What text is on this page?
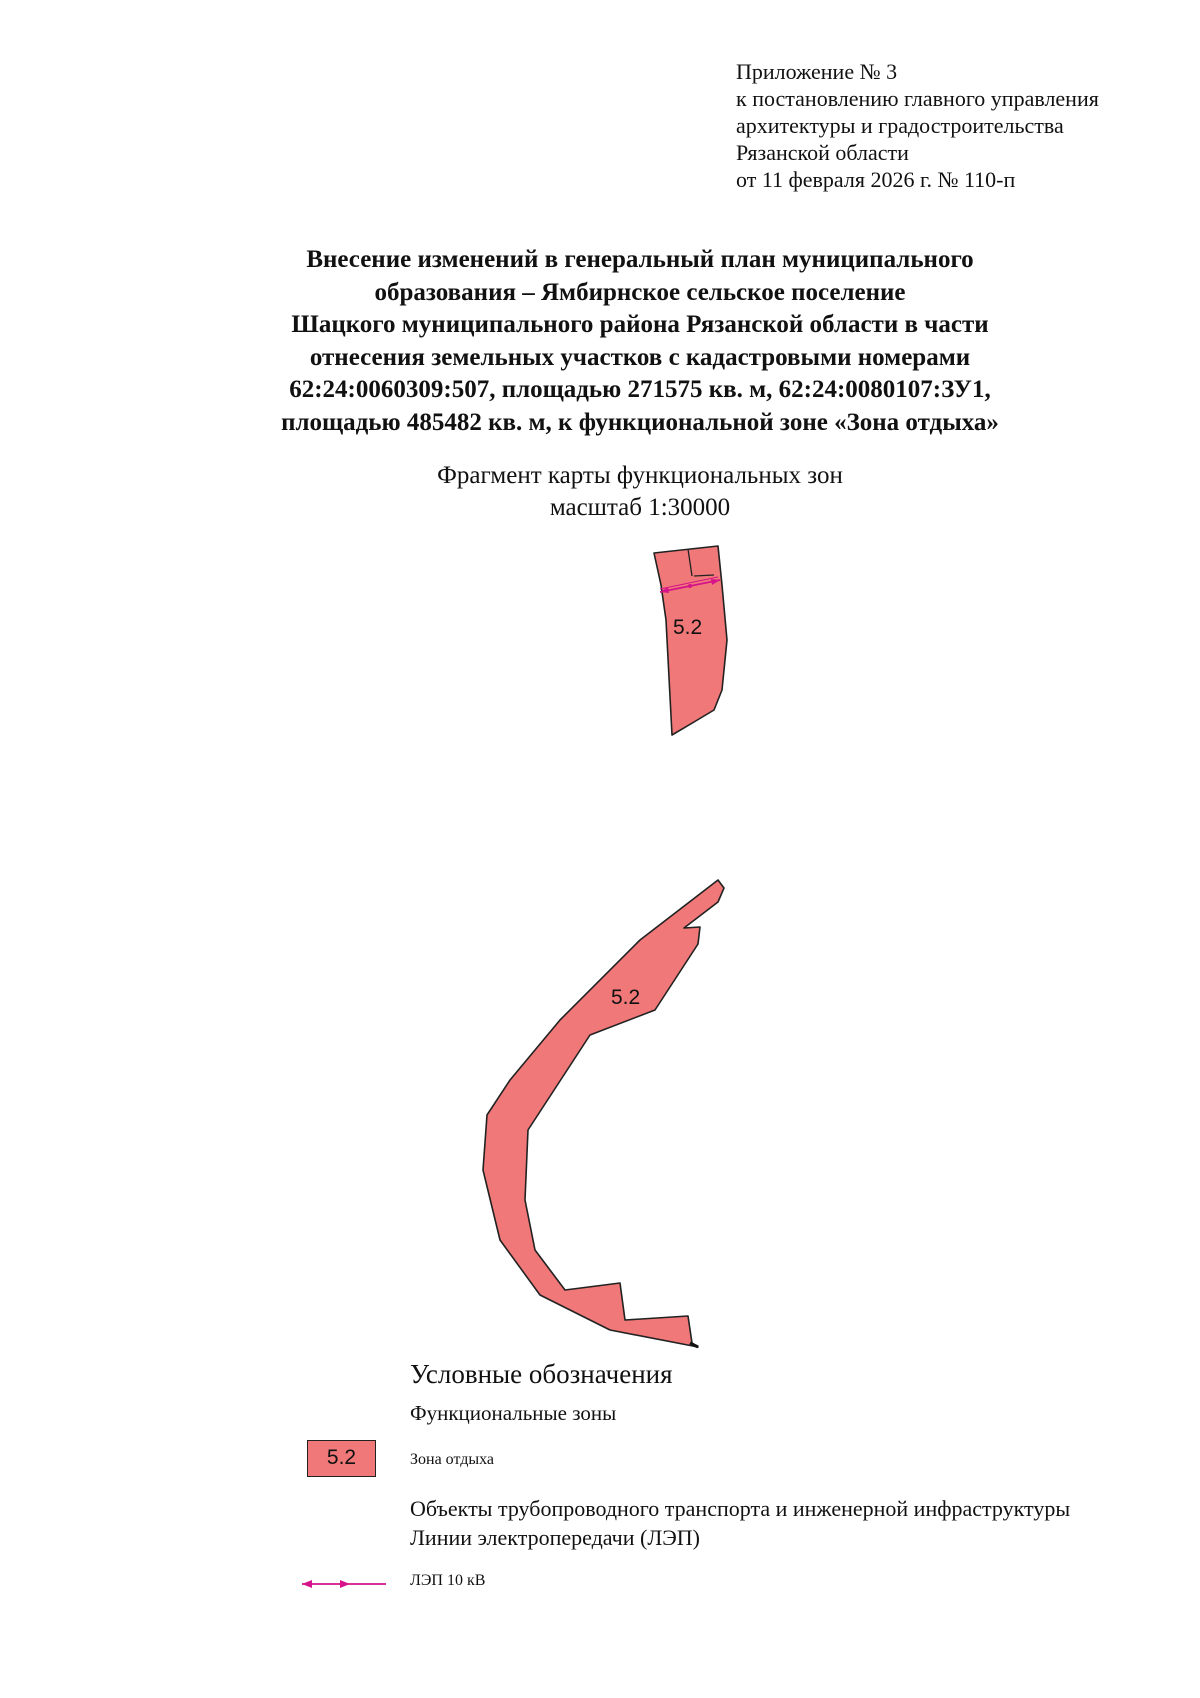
Приложение № 3
к постановлению главного управления
архитектуры и градостроительства
Рязанской области
от 11 февраля 2026 г. № 110-п
Внесение изменений в генеральный план муниципального
образования – Ямбирнское сельское поселение
Шацкого муниципального района Рязанской области в части
отнесения земельных участков с кадастровыми номерами
62:24:0060309:507, площадью 271575 кв. м, 62:24:0080107:ЗУ1,
площадью 485482 кв. м, к функциональной зоне «Зона отдыха»
Фрагмент карты функциональных зон
масштаб 1:30000
5.2
5.2
Условные обозначения
Функциональные зоны
5.2	Зона отдыха
Объекты трубопроводного транспорта и инженерной инфраструктуры
Линии электропередачи (ЛЭП)
ЛЭП 10 кВ
